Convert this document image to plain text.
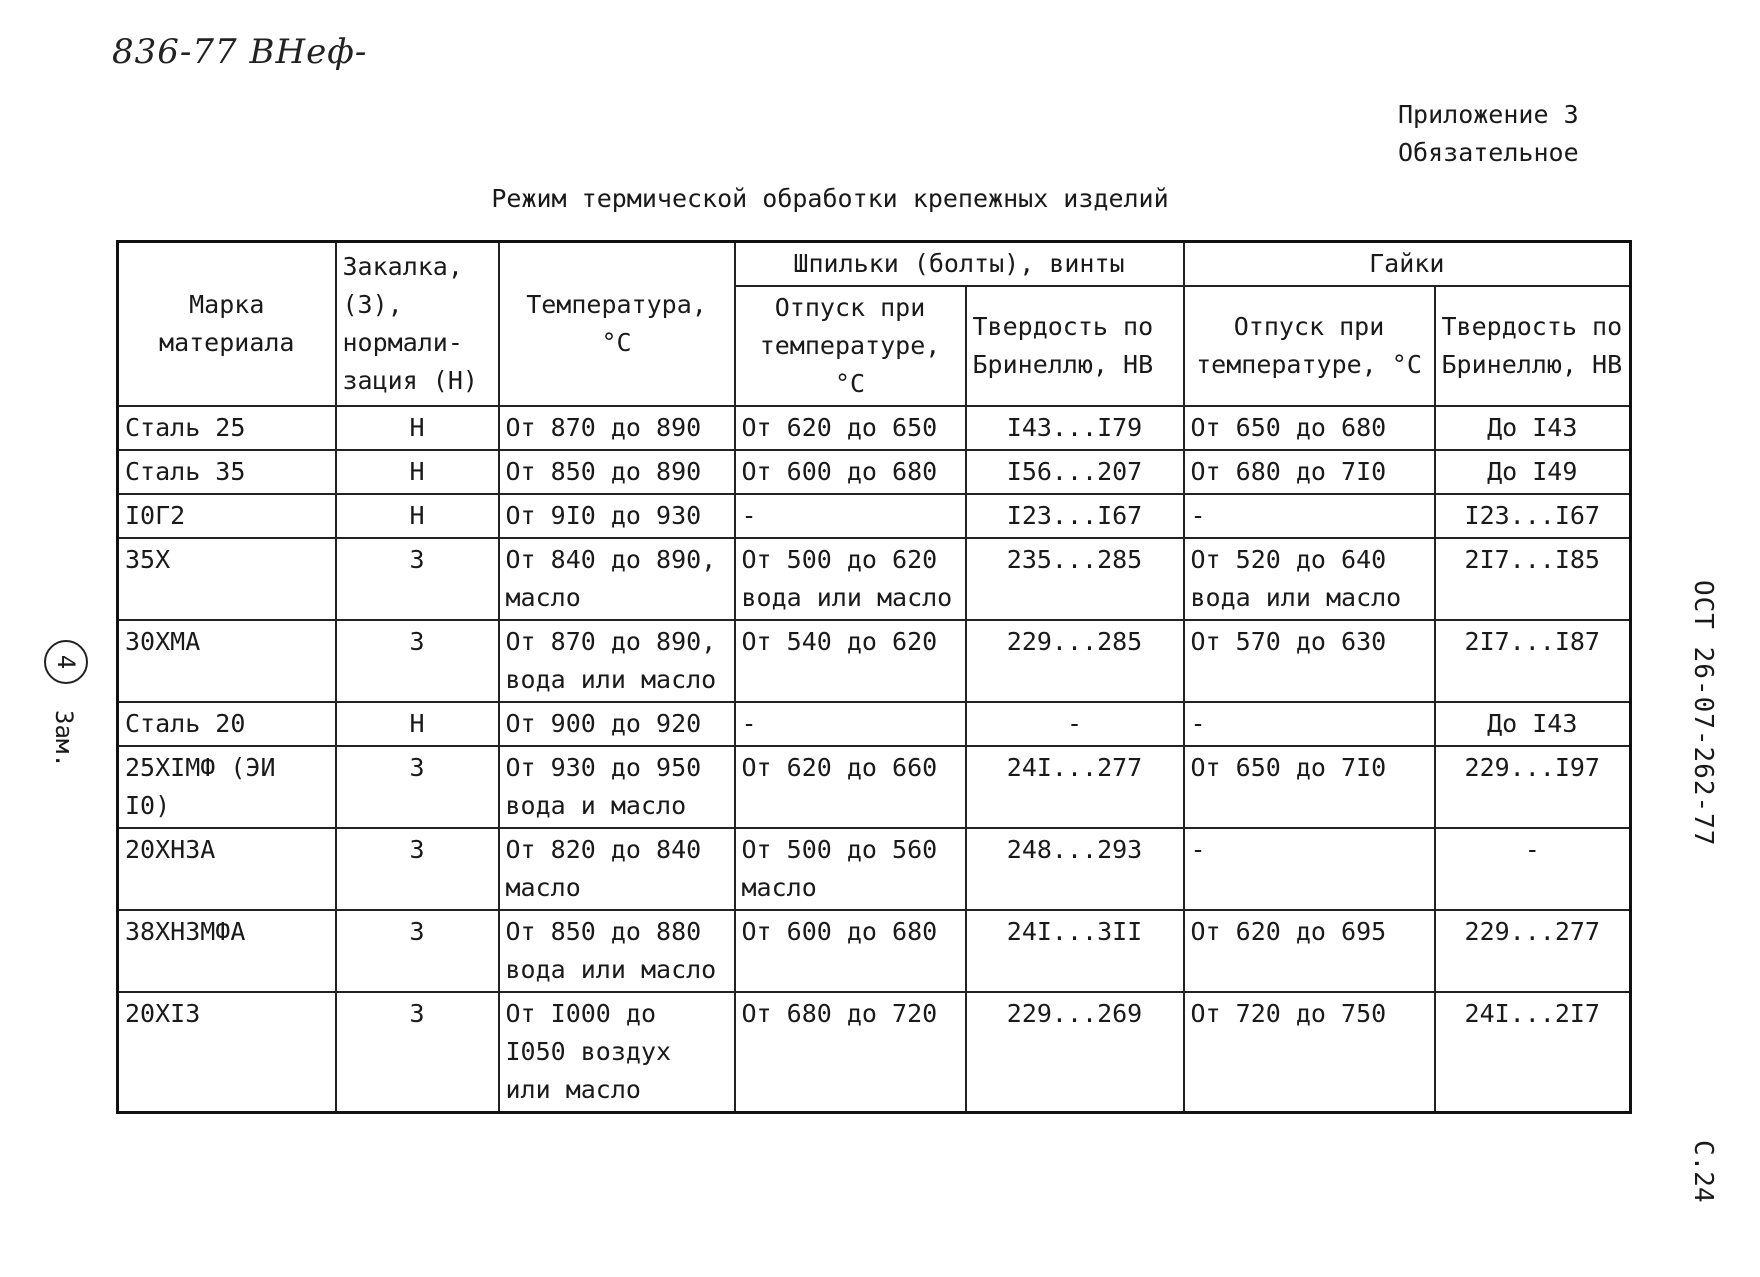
836-77 ВНеф-
Приложение 3
Обязательное
Режим термической обработки крепежных изделий
ОСТ 26-07-262-77
С.24
4
Зам.
Марка материала	Закалка, (З), нормали- зация (Н)	Температура, °С	Шпильки (болты), винты		Гайки	
			Отпуск при температуре, °С	Твердость по Бринеллю, НВ	Отпуск при температуре, °С	Твердость по Бринеллю, НВ
Сталь 25	Н	От 870 до 890	От 620 до 650	I43...I79	От 650 до 680	До I43
Сталь 35	Н	От 850 до 890	От 600 до 680	I56...207	От 680 до 7I0	До I49
I0Г2	Н	От 9I0 до 930	-	I23...I67	-	I23...I67
35Х	З	От 840 до 890, масло	От 500 до 620 вода или масло	235...285	От 520 до 640 вода или масло	2I7...I85
30ХМА	З	От 870 до 890, вода или масло	От 540 до 620	229...285	От 570 до 630	2I7...I87
Сталь 20	Н	От 900 до 920	-	-	-	До I43
25ХIМФ (ЭИ I0)	З	От 930 до 950 вода и масло	От 620 до 660	24I...277	От 650 до 7I0	229...I97
20ХН3А	З	От 820 до 840 масло	От 500 до 560 масло	248...293	-	-
38ХН3МФА	З	От 850 до 880 вода или масло	От 600 до 680	24I...3II	От 620 до 695	229...277
20ХI3	З	От I000 до I050 воздух или масло	От 680 до 720	229...269	От 720 до 750	24I...2I7
